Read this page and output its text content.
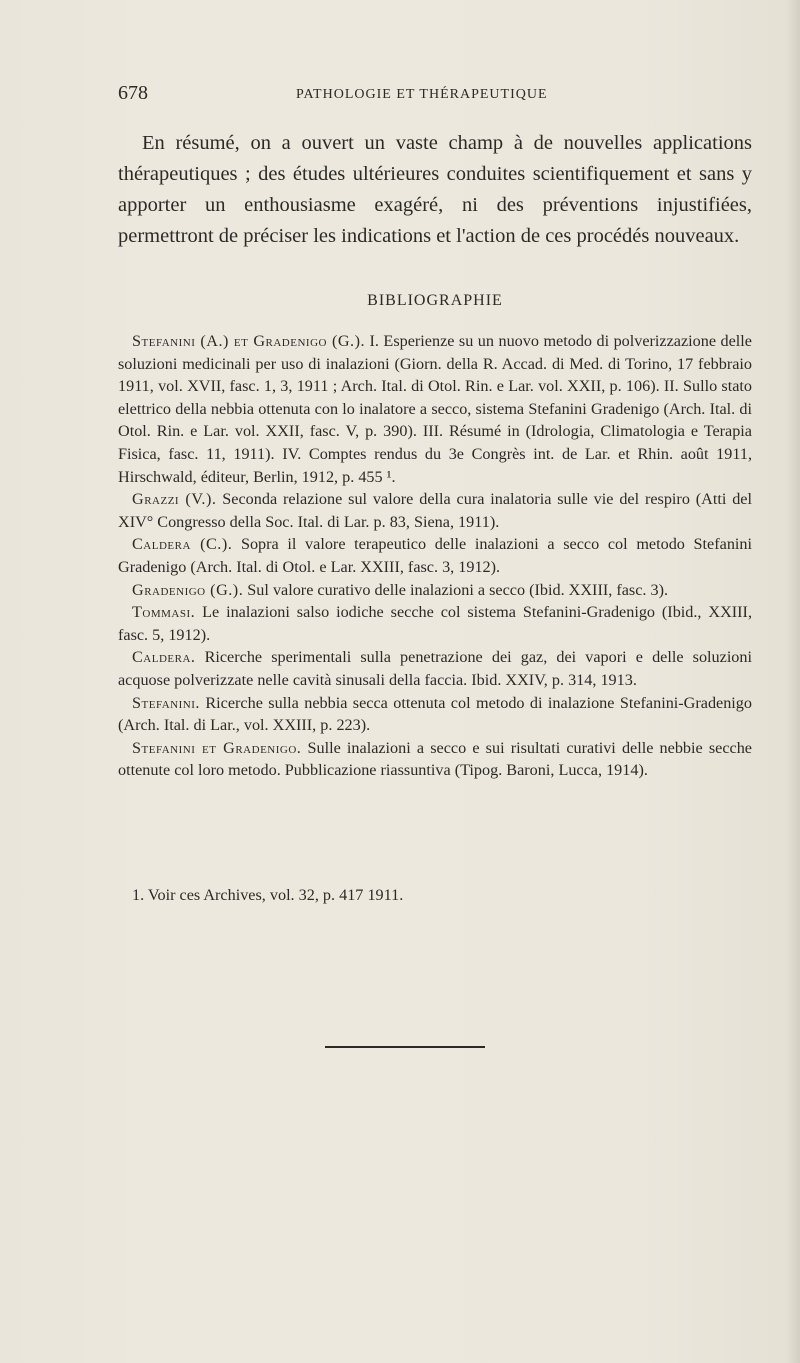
678	PATHOLOGIE ET THÉRAPEUTIQUE

En résumé, on a ouvert un vaste champ à de nouvelles applications thérapeutiques ; des études ultérieures conduites scientifiquement et sans y apporter un enthousiasme exagéré, ni des préventions injustifiées, permettront de préciser les indications et l'action de ces procédés nouveaux.

BIBLIOGRAPHIE

Stefanini (A.) et Gradenigo (G.). I. Esperienze su un nuovo metodo di polverizzazione delle soluzioni medicinali per uso di inalazioni (Giorn. della R. Accad. di Med. di Torino, 17 febbraio 1911, vol. XVII, fasc. 1, 3, 1911 ; Arch. Ital. di Otol. Rin. e Lar. vol. XXII, p. 106). II. Sullo stato elettrico della nebbia ottenuta con lo inalatore a secco, sistema Stefanini Gradenigo (Arch. Ital. di Otol. Rin. e Lar. vol. XXII, fasc. V, p. 390). III. Résumé in (Idrologia, Climatologia e Terapia Fisica, fasc. 11, 1911). IV. Comptes rendus du 3e Congrès int. de Lar. et Rhin. août 1911, Hirschwald, éditeur, Berlin, 1912, p. 455 ¹.

Grazzi (V.). Seconda relazione sul valore della cura inalatoria sulle vie del respiro (Atti del XIV° Congresso della Soc. Ital. di Lar. p. 83, Siena, 1911).

Caldera (C.). Sopra il valore terapeutico delle inalazioni a secco col metodo Stefanini Gradenigo (Arch. Ital. di Otol. e Lar. XXIII, fasc. 3, 1912).

Gradenigo (G.). Sul valore curativo delle inalazioni a secco (Ibid. XXIII, fasc. 3).

Tommasi. Le inalazioni salso iodiche secche col sistema Stefanini-Gradenigo (Ibid., XXIII, fasc. 5, 1912).

Caldera. Ricerche sperimentali sulla penetrazione dei gaz, dei vapori e delle soluzioni acquose polverizzate nelle cavità sinusali della faccia. Ibid. XXIV, p. 314, 1913.

Stefanini. Ricerche sulla nebbia secca ottenuta col metodo di inalazione Stefanini-Gradenigo (Arch. Ital. di Lar., vol. XXIII, p. 223).

Stefanini et Gradenigo. Sulle inalazioni a secco e sui risultati curativi delle nebbie secche ottenute col loro metodo. Pubblicazione riassuntiva (Tipog. Baroni, Lucca, 1914).

1. Voir ces Archives, vol. 32, p. 417 1911.
